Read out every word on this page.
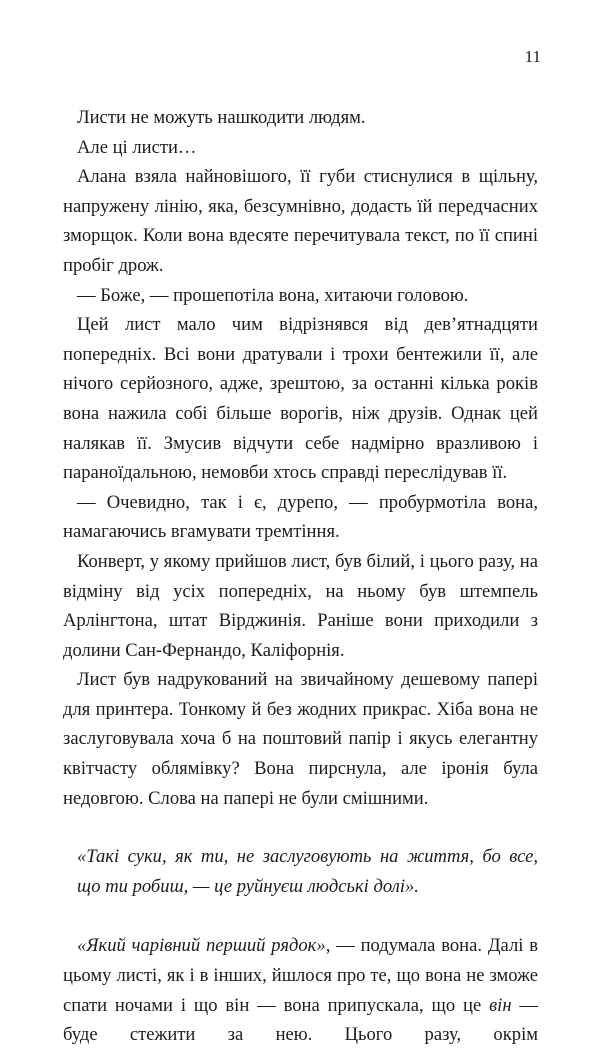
11

Листи не можуть нашкодити людям.

Але ці листи…

Алана взяла найновішого, її губи стиснулися в щільну, напружену лінію, яка, безсумнівно, додасть їй передчасних зморщок. Коли вона вдесяте перечитувала текст, по її спині пробіг дрож.

— Боже, — прошепотіла вона, хитаючи головою.

Цей лист мало чим відрізнявся від дев’ятнадцяти попередніх. Всі вони дратували і трохи бентежили її, але нічого серйозного, адже, зрештою, за останні кілька років вона нажила собі більше ворогів, ніж друзів. Однак цей налякав її. Змусив відчути себе надмірно вразливою і параноїдальною, немовби хтось справді переслідував її.

— Очевидно, так і є, дурепо, — пробурмотіла вона, намагаючись вгамувати тремтіння.

Конверт, у якому прийшов лист, був білий, і цього разу, на відміну від усіх попередніх, на ньому був штемпель Арлінгтона, штат Вірджинія. Раніше вони приходили з долини Сан-Фернандо, Каліфорнія.

Лист був надрукований на звичайному дешевому папері для принтера. Тонкому й без жодних прикрас. Хіба вона не заслуговувала хоча б на поштовий папір і якусь елегантну квітчасту облямівку? Вона пирснула, але іронія була недовгою. Слова на папері не були смішними.

«Такі суки, як ти, не заслуговують на життя, бо все,
що ти робиш, — це руйнуєш людські долі».

«Який чарівний перший рядок», — подумала вона. Далі в цьому листі, як і в інших, йшлося про те, що вона не зможе спати ночами і що він — вона припускала, що це він — буде стежити за нею. Цього разу, окрім
